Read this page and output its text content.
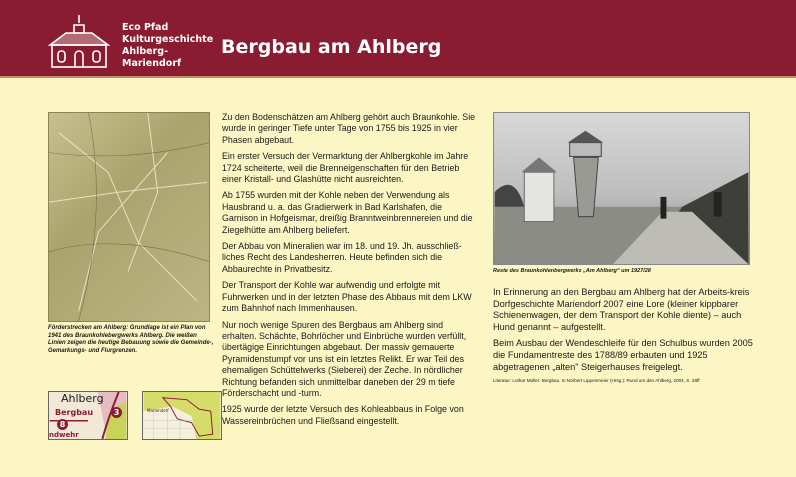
Eco Pfad
Kulturgeschichte
Ahlberg-
Mariendorf
Bergbau am Ahlberg
Förderstrecken am Ahlberg: Grundlage ist ein Plan von 1941 des Braunkohlebergwerks Ahlberg. Die weißen Linien zeigen die heutige Bebauung sowie die Gemeinde-, Gemarkungs- und Flurgrenzen.
Ahlberg
Bergbau	3
8
ndwehr
Mariendorf

Zu den Bodenschätzen am Ahlberg gehört auch Braunkohle. Sie wurde in geringer Tiefe unter Tage von 1755 bis 1925 in vier Phasen abgebaut.

Ein erster Versuch der Vermarktung der Ahlbergkohle im Jahre 1724 scheiterte, weil die Brenneigenschaften für den Betrieb einer Kristall- und Glashütte nicht ausreichten.

Ab 1755 wurden mit der Kohle neben der Verwendung als Hausbrand u. a. das Gradierwerk in Bad Karlshafen, die Garnison in Hofgeismar, dreißig Branntweinbrennereien und die Ziegelhütte am Ahlberg beliefert.

Der Abbau von Mineralien war im 18. und 19. Jh. ausschließ-liches Recht des Landesherren. Heute befinden sich die Abbaurechte in Privatbesitz.

Der Transport der Kohle war aufwendig und erfolgte mit Fuhrwerken und in der letzten Phase des Abbaus mit dem LKW zum Bahnhof nach Immenhausen.

Nur noch wenige Spuren des Bergbaus am Ahlberg sind erhalten. Schächte, Bohrlöcher und Einbrüche wurden verfüllt, übertägige Einrichtungen abgebaut. Der massiv gemauerte Pyramidenstumpf vor uns ist ein letztes Relikt. Er war Teil des ehemaligen Schüttelwerks (Sieberei) der Zeche. In nördlicher Richtung befanden sich unmittelbar daneben der 29 m tiefe Förderschacht und -turm.

1925 wurde der letzte Versuch des Kohleabbaus in Folge von Wassereinbrüchen und Fließsand eingestellt.

Reste des Braunkohlenbergwerks „Am Ahlberg“ um 1927/28

In Erinnerung an den Bergbau am Ahlberg hat der Arbeits-kreis Dorfgeschichte Mariendorf 2007 eine Lore (kleiner kippbarer Schienenwagen, der dem Transport der Kohle diente) – auch Hund genannt – aufgestellt.

Beim Ausbau der Wendeschleife für den Schulbus wurden 2005 die Fundamentreste des 1788/89 erbauten und 1925 abgetragenen „alten" Steigerhauses freigelegt.

Literatur: Lothar Müller: Bergbau. In Norbert Lippenmeier (Hrsg.): Rund um den Ahlberg, 2004, S. 28ff
